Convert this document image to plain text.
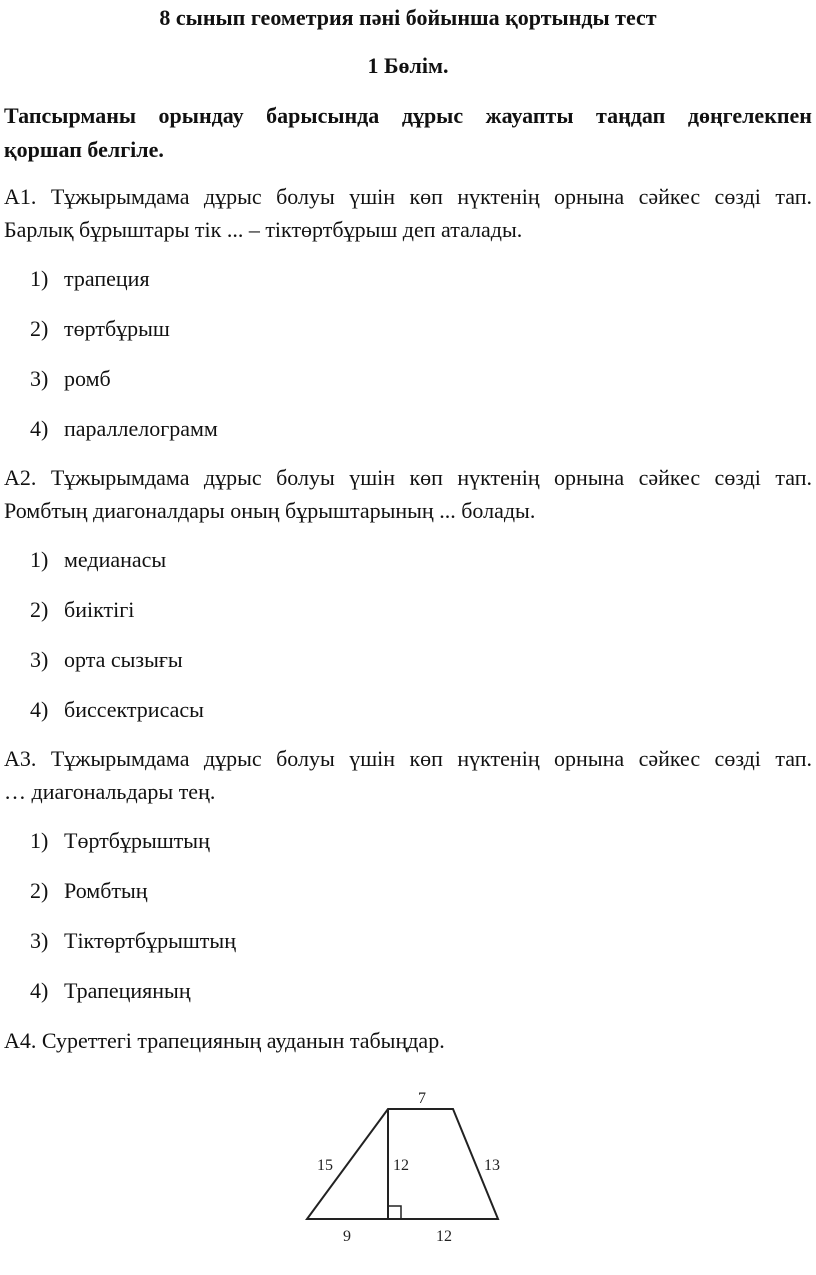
8 сынып геометрия пәні бойынша қортынды тест
1 Бөлім.
Тапсырманы орындау барысында дұрыс жауапты таңдап дөңгелекпен
қоршап белгіле.
А1. Тұжырымдама дұрыс болуы үшін көп нүктенің орнына сәйкес сөзді тап.
Барлық бұрыштары тік ... – тіктөртбұрыш деп аталады.
1) трапеция
2) төртбұрыш
3) ромб
4) параллелограмм
А2. Тұжырымдама дұрыс болуы үшін көп нүктенің орнына сәйкес сөзді тап.
Ромбтың диагоналдары оның бұрыштарының ... болады.
1) медианасы
2) биіктігі
3) орта сызығы
4) биссектрисасы
А3. Тұжырымдама дұрыс болуы үшін көп нүктенің орнына сәйкес сөзді тап.
… диагональдары тең.
1) Төртбұрыштың
2) Ромбтың
3) Тіктөртбұрыштың
4) Трапецияның
А4. Суреттегі трапецияның ауданын табыңдар.
7
15	12	13
9	12
